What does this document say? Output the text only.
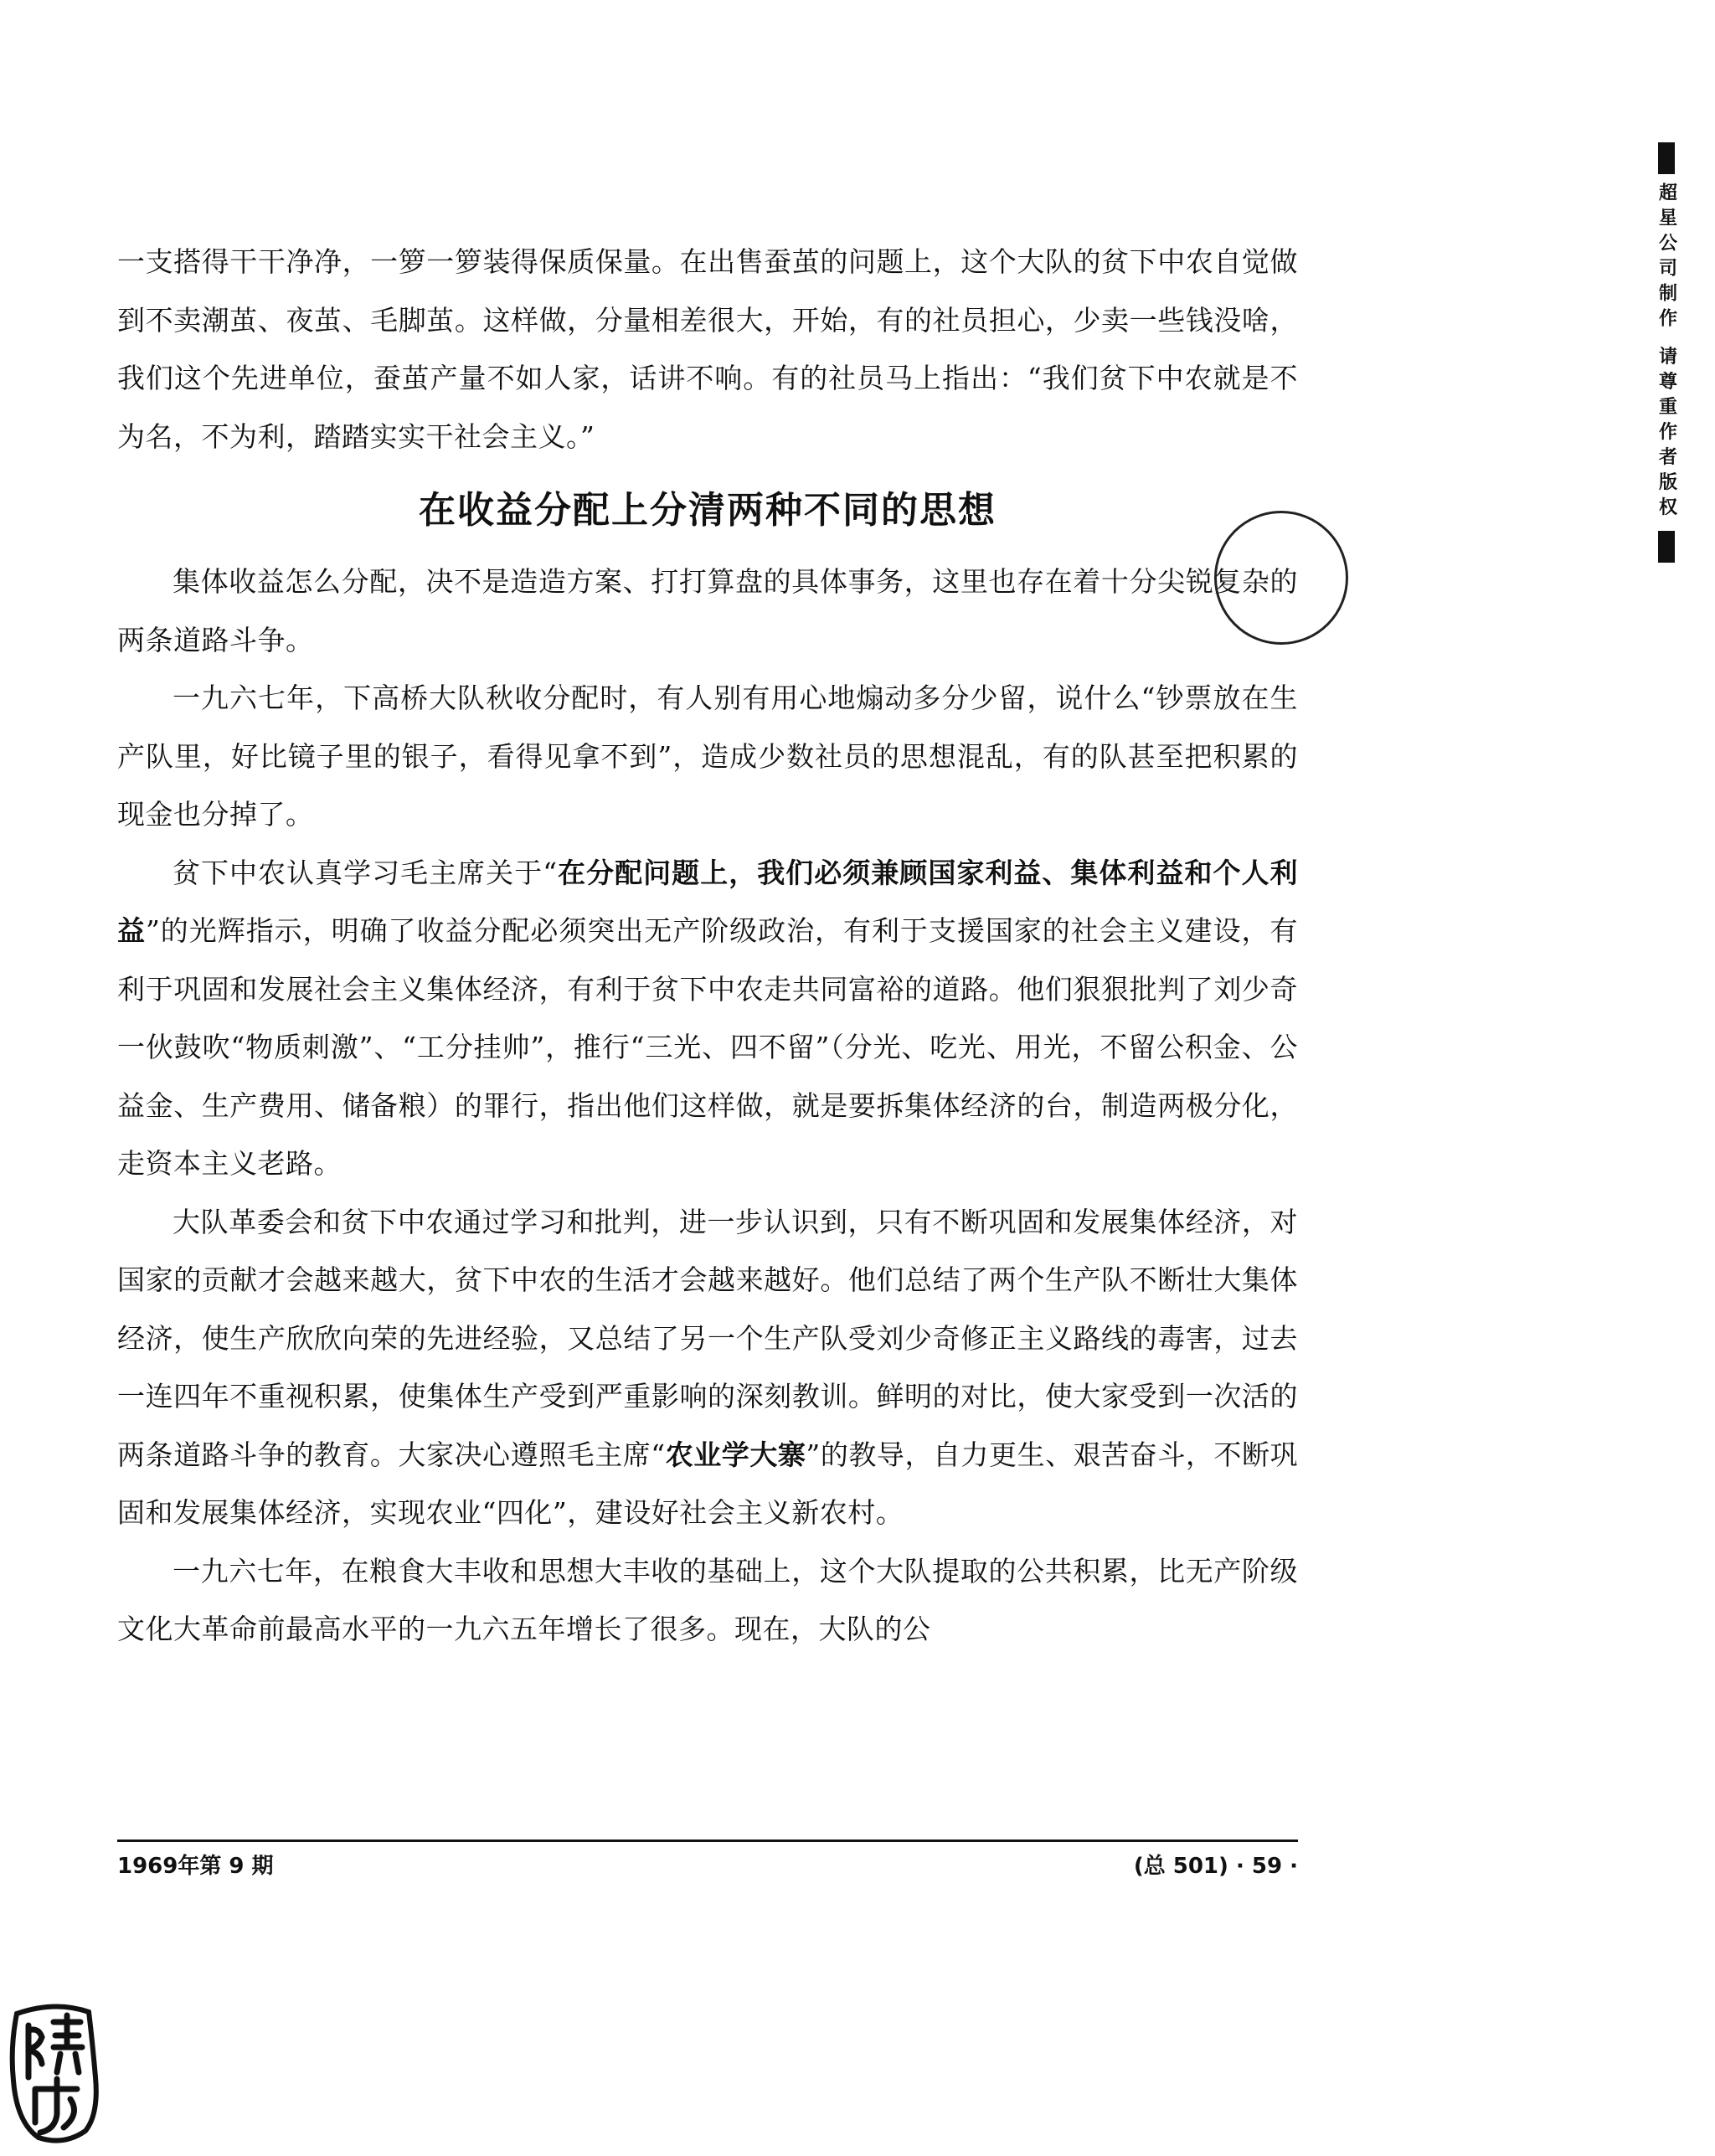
一支搭得干干净净，一箩一箩装得保质保量。在出售蚕茧的问题上，这个大队的贫下中农自觉做到不卖潮茧、夜茧、毛脚茧。这样做，分量相差很大，开始，有的社员担心，少卖一些钱没啥，我们这个先进单位，蚕茧产量不如人家，话讲不响。有的社员马上指出：“我们贫下中农就是不为名，不为利，踏踏实实干社会主义。”

在收益分配上分清两种不同的思想

集体收益怎么分配，决不是造造方案、打打算盘的具体事务，这里也存在着十分尖锐复杂的两条道路斗争。

一九六七年，下高桥大队秋收分配时，有人别有用心地煽动多分少留，说什么“钞票放在生产队里，好比镜子里的银子，看得见拿不到”，造成少数社员的思想混乱，有的队甚至把积累的现金也分掉了。

贫下中农认真学习毛主席关于“在分配问题上，我们必须兼顾国家利益、集体利益和个人利益”的光辉指示，明确了收益分配必须突出无产阶级政治，有利于支援国家的社会主义建设，有利于巩固和发展社会主义集体经济，有利于贫下中农走共同富裕的道路。他们狠狠批判了刘少奇一伙鼓吹“物质刺激”、“工分挂帅”，推行“三光、四不留”（分光、吃光、用光，不留公积金、公益金、生产费用、储备粮）的罪行，指出他们这样做，就是要拆集体经济的台，制造两极分化，走资本主义老路。

大队革委会和贫下中农通过学习和批判，进一步认识到，只有不断巩固和发展集体经济，对国家的贡献才会越来越大，贫下中农的生活才会越来越好。他们总结了两个生产队不断壮大集体经济，使生产欣欣向荣的先进经验，又总结了另一个生产队受刘少奇修正主义路线的毒害，过去一连四年不重视积累，使集体生产受到严重影响的深刻教训。鲜明的对比，使大家受到一次活的两条道路斗争的教育。大家决心遵照毛主席“农业学大寨”的教导，自力更生、艰苦奋斗，不断巩固和发展集体经济，实现农业“四化”，建设好社会主义新农村。

一九六七年，在粮食大丰收和思想大丰收的基础上，这个大队提取的公共积累，比无产阶级文化大革命前最高水平的一九六五年增长了很多。现在，大队的公

1969年第 9 期	(总 501) · 59 ·
超星公司制作 请尊重作者版权
